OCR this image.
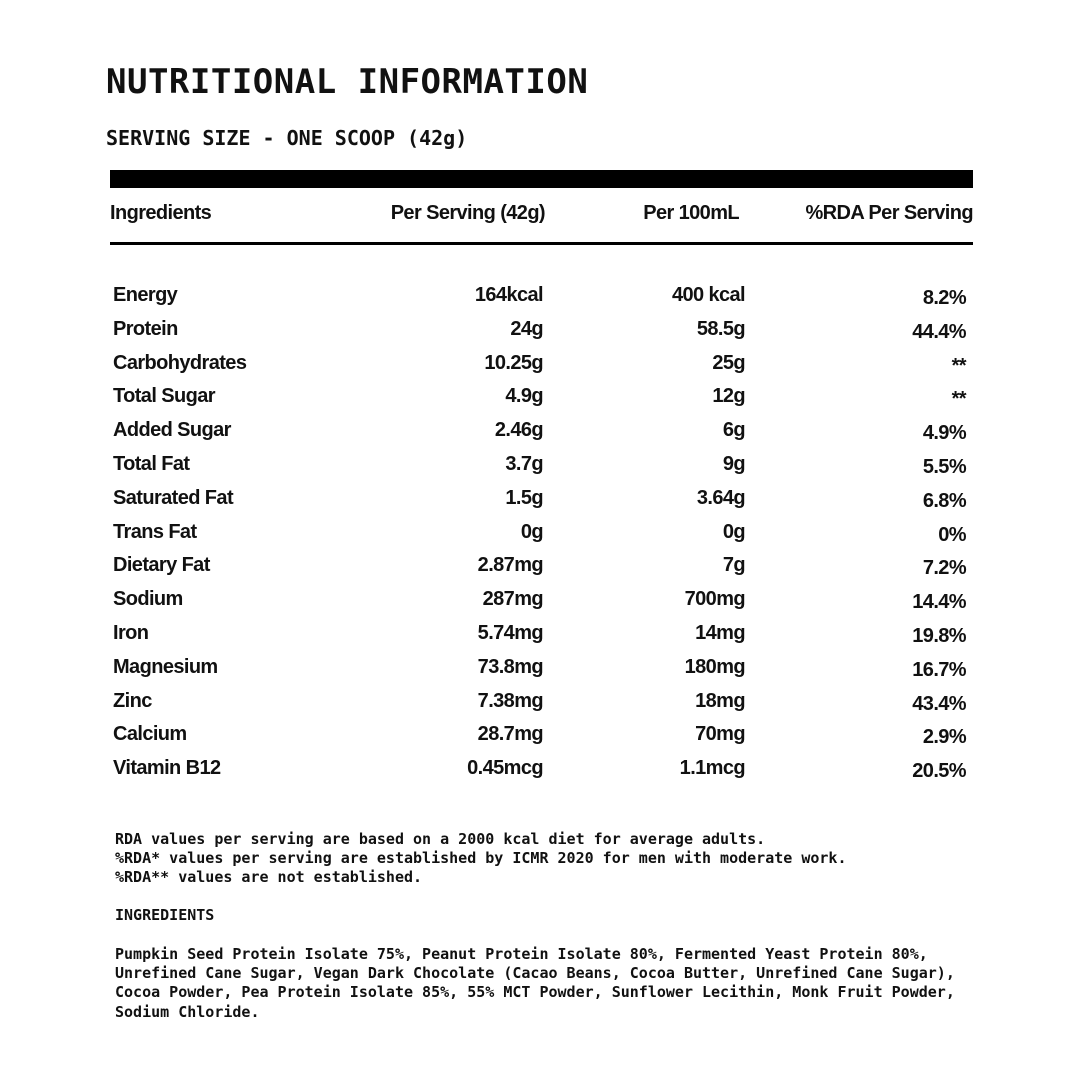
NUTRITIONAL INFORMATION
SERVING SIZE - ONE SCOOP (42g)
Ingredients	Per Serving (42g)	Per 100mL	%RDA Per Serving
Energy	164kcal	400 kcal	8.2%
Protein	24g	58.5g	44.4%
Carbohydrates	10.25g	25g	**
Total Sugar	4.9g	12g	**
Added Sugar	2.46g	6g	4.9%
Total Fat	3.7g	9g	5.5%
Saturated Fat	1.5g	3.64g	6.8%
Trans Fat	0g	0g	0%
Dietary Fat	2.87mg	7g	7.2%
Sodium	287mg	700mg	14.4%
Iron	5.74mg	14mg	19.8%
Magnesium	73.8mg	180mg	16.7%
Zinc	7.38mg	18mg	43.4%
Calcium	28.7mg	70mg	2.9%
Vitamin B12	0.45mcg	1.1mcg	20.5%
RDA values per serving are based on a 2000 kcal diet for average adults.
%RDA* values per serving are established by ICMR 2020 for men with moderate work.
%RDA** values are not established.
INGREDIENTS
Pumpkin Seed Protein Isolate 75%, Peanut Protein Isolate 80%, Fermented Yeast Protein 80%,
Unrefined Cane Sugar, Vegan Dark Chocolate (Cacao Beans, Cocoa Butter, Unrefined Cane Sugar),
Cocoa Powder, Pea Protein Isolate 85%, 55% MCT Powder, Sunflower Lecithin, Monk Fruit Powder,
Sodium Chloride.
